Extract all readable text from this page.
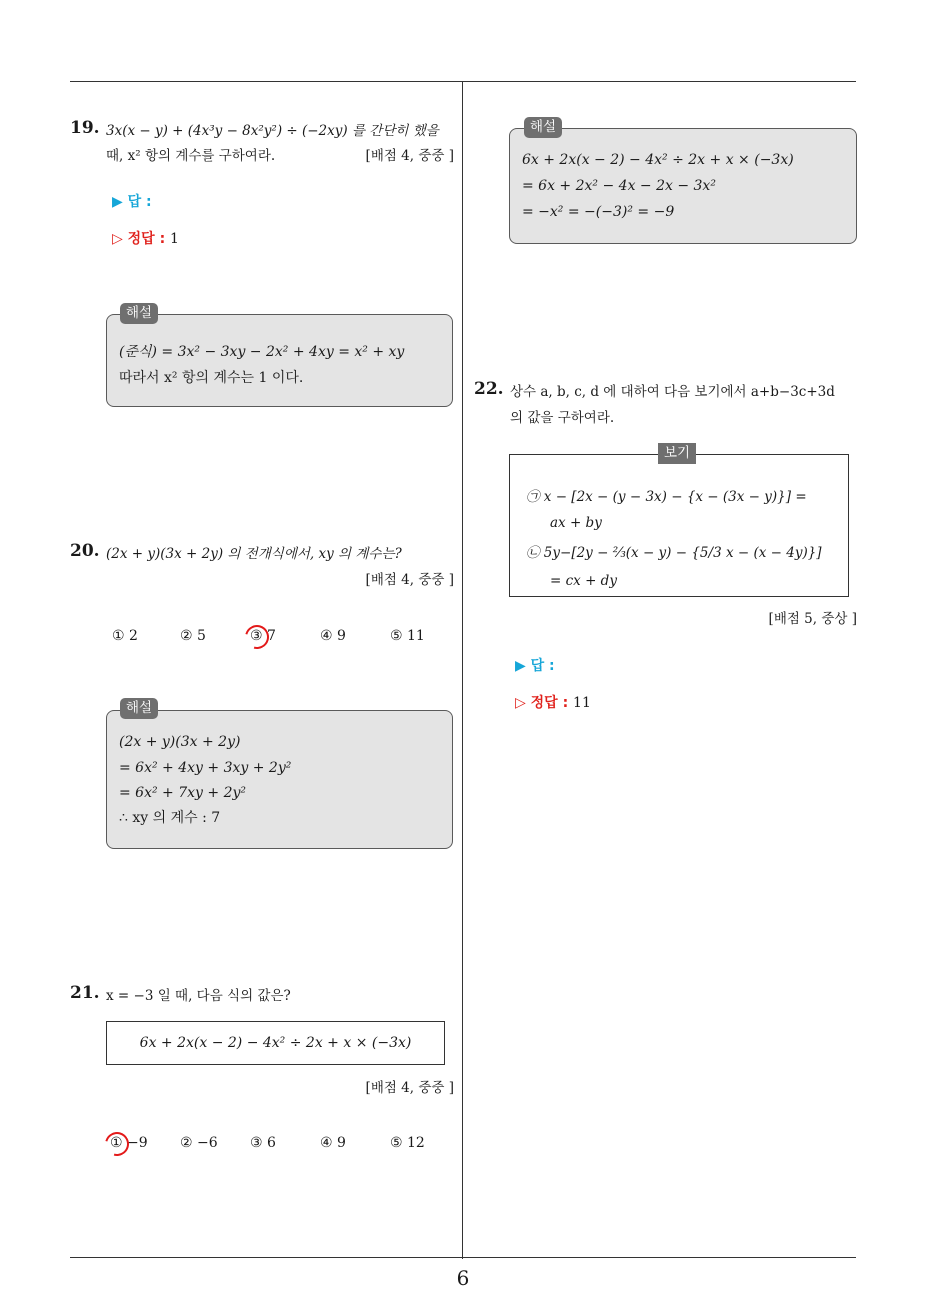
6
19. 3x(x − y) + (4x³y − 8x²y²) ÷ (−2xy) 를 간단히 했을
때, x² 항의 계수를 구하여라.	[배점 4, 중중 ]
▶ 답 :
▷ 정답 : 1
(준식) = 3x² − 3xy − 2x² + 4xy = x² + xy
따라서 x² 항의 계수는 1 이다.
해설
20. (2x + y)(3x + 2y) 의 전개식에서, xy 의 계수는?
[배점 4, 중중 ]
① 2	② 5	③ 7	④ 9	⑤ 11
(2x + y)(3x + 2y)
= 6x² + 4xy + 3xy + 2y²
= 6x² + 7xy + 2y²
∴ xy 의 계수 : 7
해설
21. x = −3 일 때, 다음 식의 값은?
6x + 2x(x − 2) − 4x² ÷ 2x + x × (−3x)
[배점 4, 중중 ]
① −9 ② −6 ③ 6	④ 9	⑤ 12
6x + 2x(x − 2) − 4x² ÷ 2x + x × (−3x)
= 6x + 2x² − 4x − 2x − 3x²
= −x² = −(−3)² = −9
해설
22. 상수 a, b, c, d 에 대하여 다음 보기에서 a+b−3c+3d
의 값을 구하여라.
㉠ x − [2x − (y − 3x) − {x − (3x − y)}] =
ax + by
㉡ 5y−[2y − ⅔(x − y) − {5/3 x − (x − 4y)}]
= cx + dy
보기
[배점 5, 중상 ]
▶ 답 :
▷ 정답 : 11
